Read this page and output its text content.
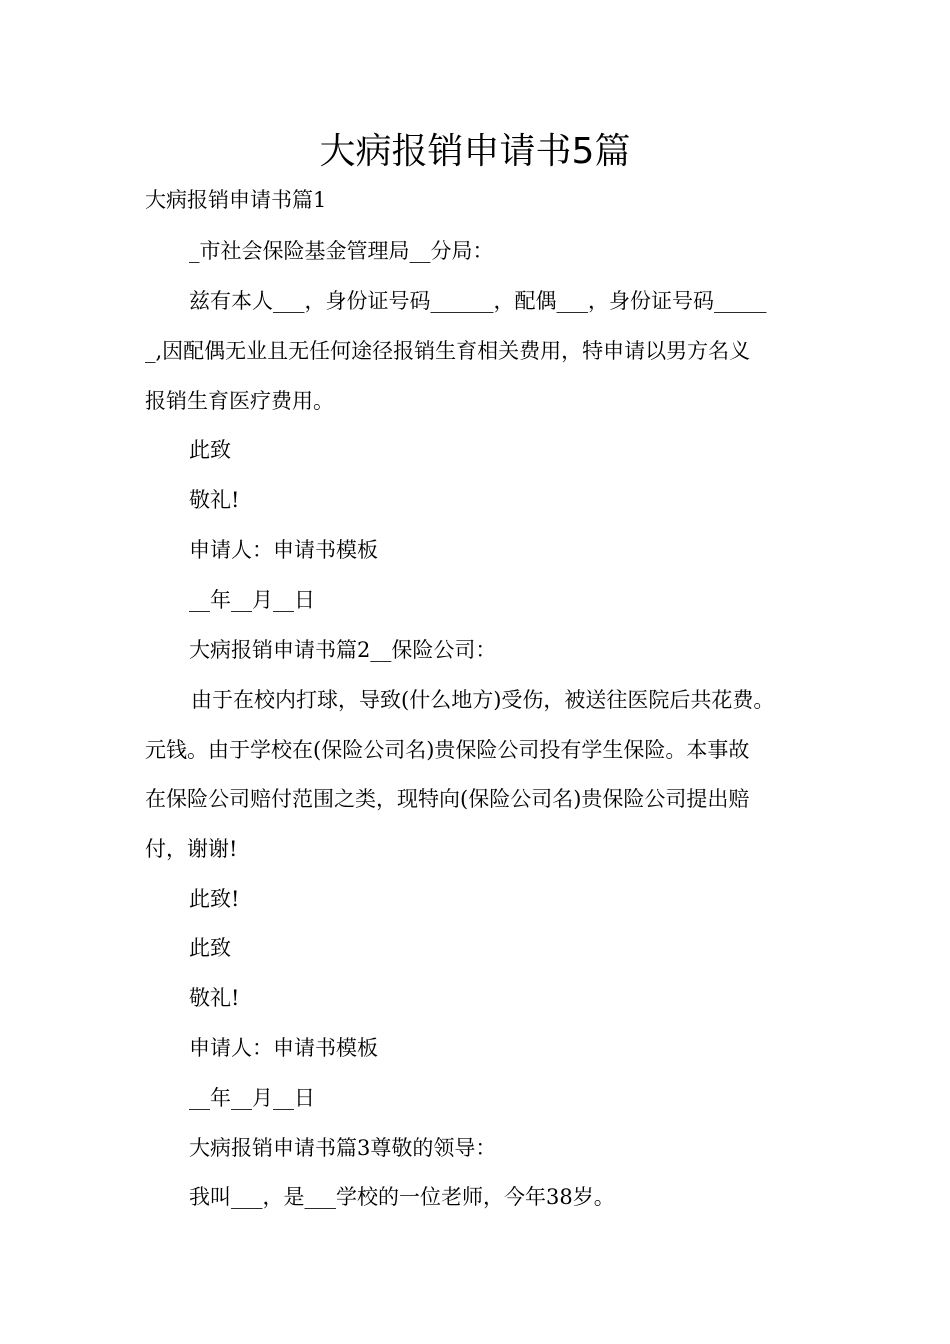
大病报销申请书5篇
大病报销申请书篇1
_市社会保险基金管理局__分局：
兹有本人___，身份证号码______，配偶___，身份证号码_____
_,因配偶无业且无任何途径报销生育相关费用，特申请以男方名义
报销生育医疗费用。
此致
敬礼!
申请人：申请书模板
__年__月__日
大病报销申请书篇2__保险公司：
由于在校内打球，导致(什么地方)受伤，被送往医院后共花费。
元钱。由于学校在(保险公司名)贵保险公司投有学生保险。本事故
在保险公司赔付范围之类，现特向(保险公司名)贵保险公司提出赔
付，谢谢!
此致!
此致
敬礼!
申请人：申请书模板
__年__月__日
大病报销申请书篇3尊敬的领导：
我叫___，是___学校的一位老师，今年38岁。
